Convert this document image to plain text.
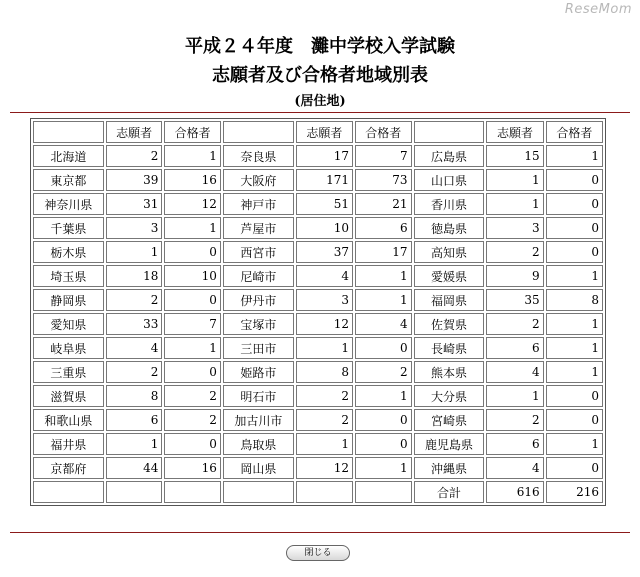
ReseMom
平成２４年度　灘中学校入学試験
志願者及び合格者地域別表
(居住地)
	志願者	合格者		志願者	合格者		志願者	合格者
北海道	2	1	奈良県	17	7	広島県	15	1
東京都	39	16	大阪府	171	73	山口県	1	0
神奈川県	31	12	神戸市	51	21	香川県	1	0
千葉県	3	1	芦屋市	10	6	徳島県	3	0
栃木県	1	0	西宮市	37	17	高知県	2	0
埼玉県	18	10	尼崎市	4	1	愛媛県	9	1
静岡県	2	0	伊丹市	3	1	福岡県	35	8
愛知県	33	7	宝塚市	12	4	佐賀県	2	1
岐阜県	4	1	三田市	1	0	長崎県	6	1
三重県	2	0	姫路市	8	2	熊本県	4	1
滋賀県	8	2	明石市	2	1	大分県	1	0
和歌山県	6	2	加古川市	2	0	宮崎県	2	0
福井県	1	0	鳥取県	1	0	鹿児島県	6	1
京都府	44	16	岡山県	12	1	沖縄県	4	0
						合計	616	216
閉じる
